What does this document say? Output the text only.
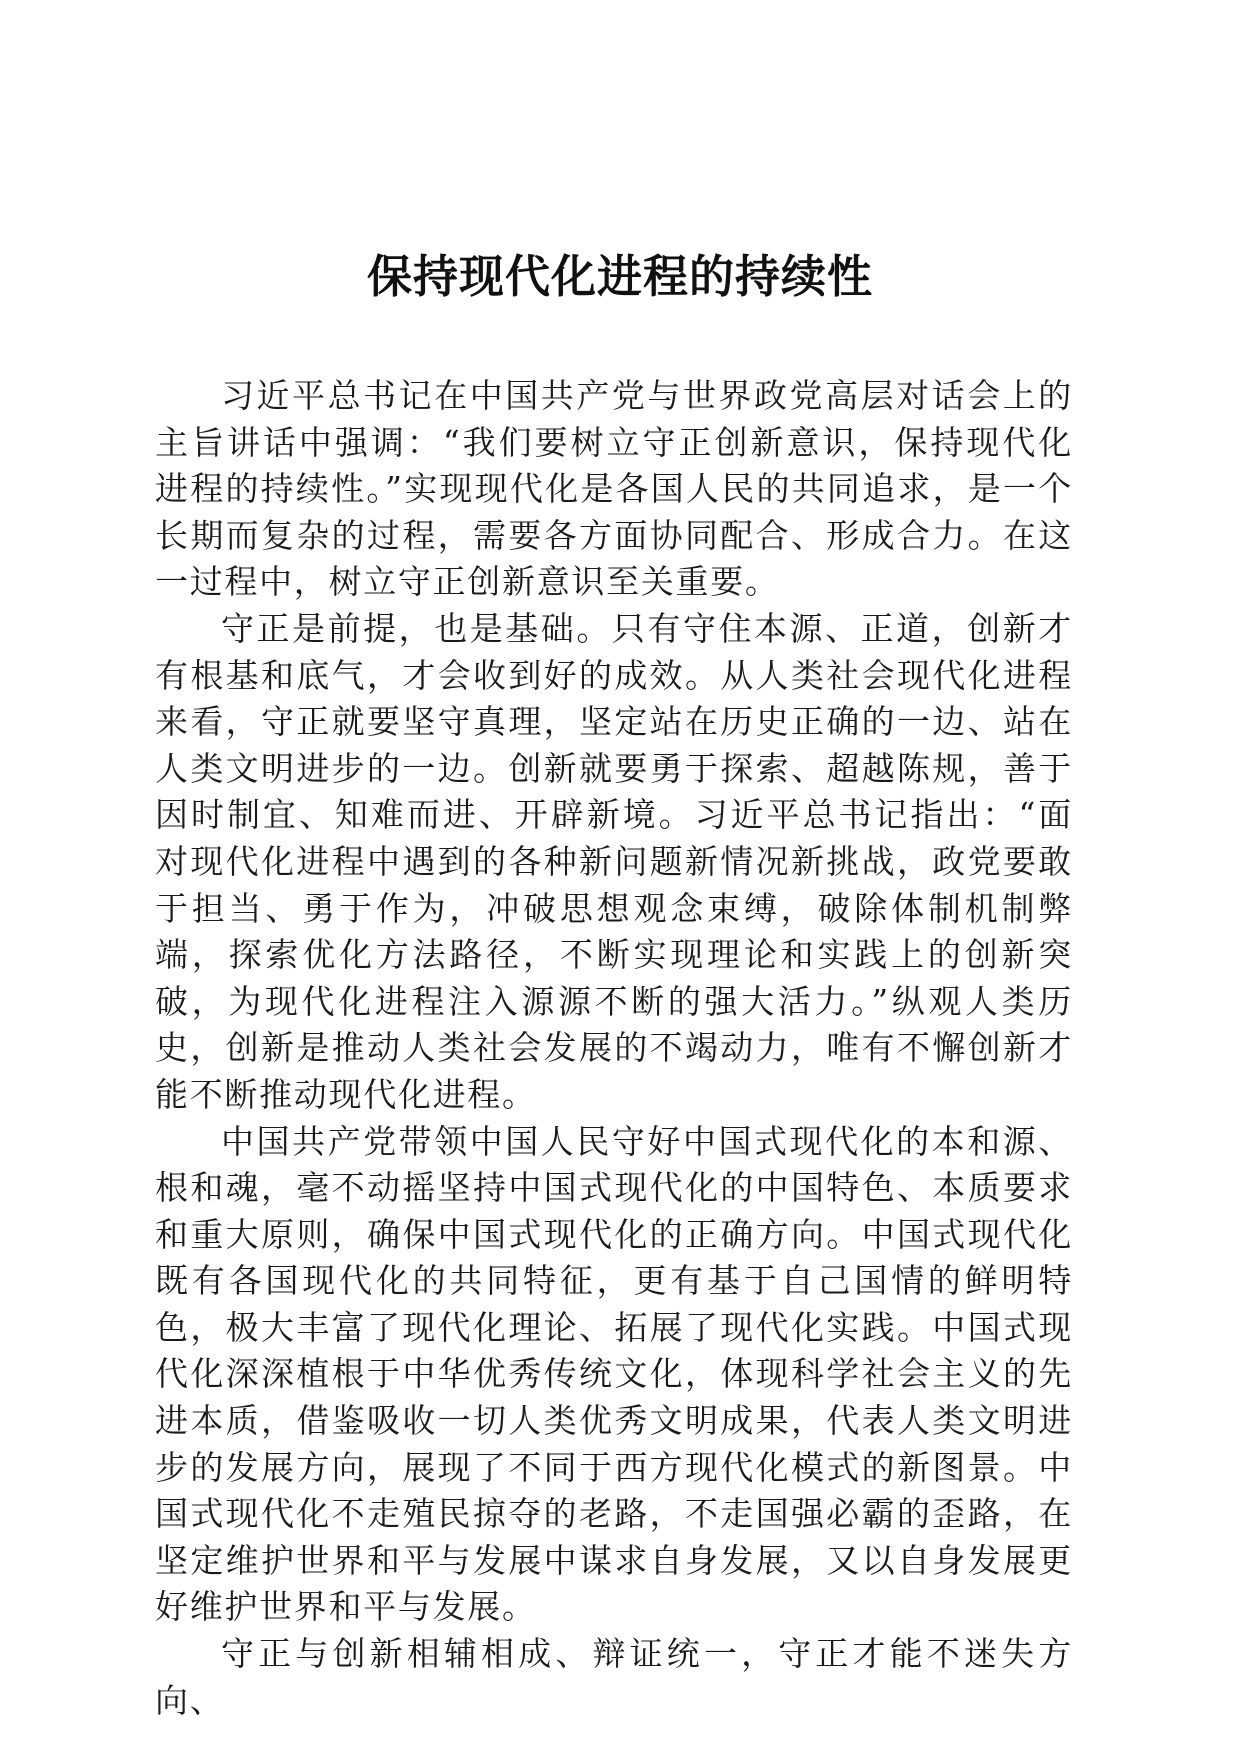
保持现代化进程的持续性

习近平总书记在中国共产党与世界政党高层对话会上的主旨讲话中强调：“我们要树立守正创新意识，保持现代化进程的持续性。”实现现代化是各国人民的共同追求，是一个长期而复杂的过程，需要各方面协同配合、形成合力。在这一过程中，树立守正创新意识至关重要。

守正是前提，也是基础。只有守住本源、正道，创新才有根基和底气，才会收到好的成效。从人类社会现代化进程来看，守正就要坚守真理，坚定站在历史正确的一边、站在人类文明进步的一边。创新就要勇于探索、超越陈规，善于因时制宜、知难而进、开辟新境。习近平总书记指出：“面对现代化进程中遇到的各种新问题新情况新挑战，政党要敢于担当、勇于作为，冲破思想观念束缚，破除体制机制弊端，探索优化方法路径，不断实现理论和实践上的创新突破，为现代化进程注入源源不断的强大活力。”纵观人类历史，创新是推动人类社会发展的不竭动力，唯有不懈创新才能不断推动现代化进程。

中国共产党带领中国人民守好中国式现代化的本和源、根和魂，毫不动摇坚持中国式现代化的中国特色、本质要求和重大原则，确保中国式现代化的正确方向。中国式现代化既有各国现代化的共同特征，更有基于自己国情的鲜明特色，极大丰富了现代化理论、拓展了现代化实践。中国式现代化深深植根于中华优秀传统文化，体现科学社会主义的先进本质，借鉴吸收一切人类优秀文明成果，代表人类文明进步的发展方向，展现了不同于西方现代化模式的新图景。中国式现代化不走殖民掠夺的老路，不走国强必霸的歪路，在坚定维护世界和平与发展中谋求自身发展，又以自身发展更好维护世界和平与发展。

守正与创新相辅相成、辩证统一，守正才能不迷失方向、
